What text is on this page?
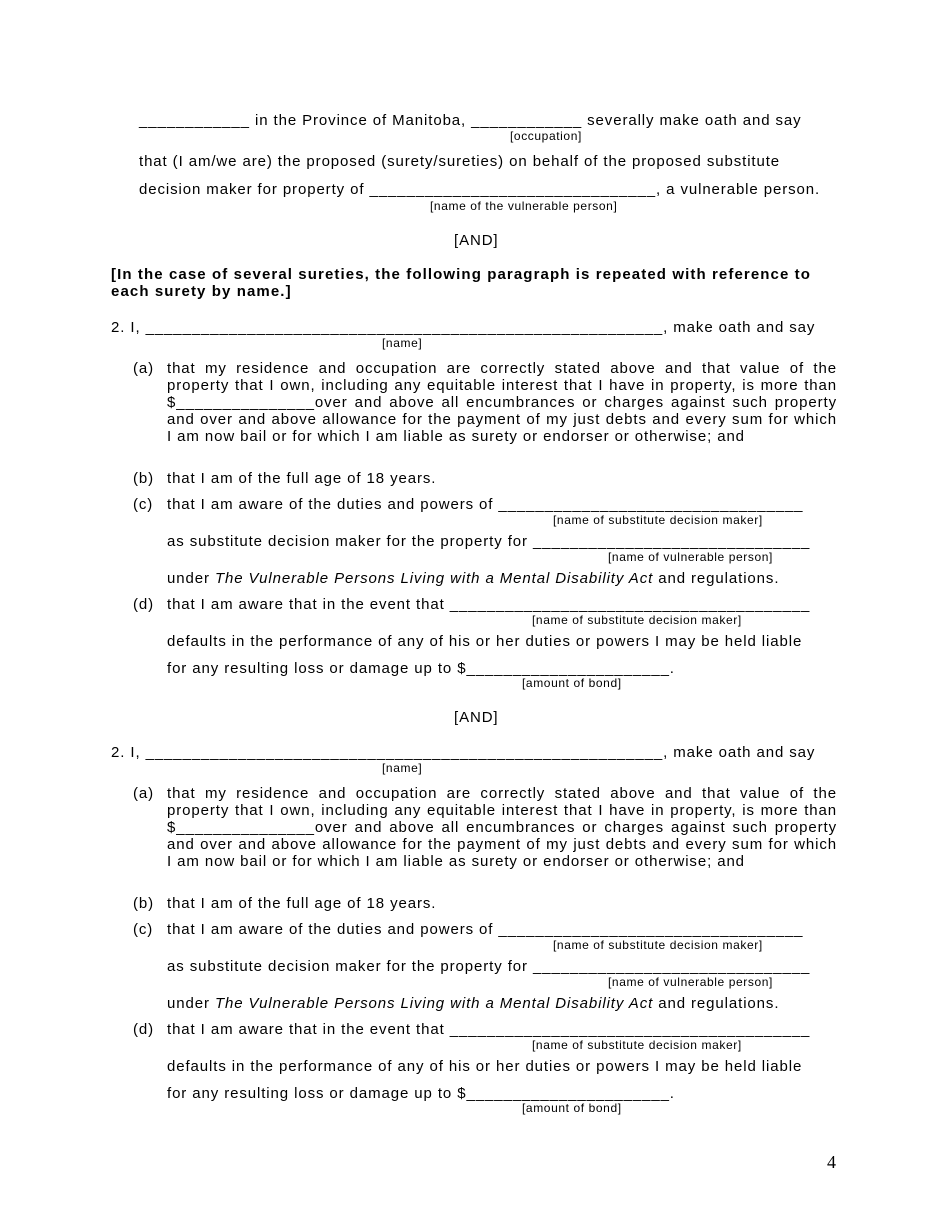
____________ in the Province of Manitoba, ____________ severally make oath and say
[occupation]
that (I am/we are) the proposed (surety/sureties) on behalf of the proposed substitute
decision maker for property of _______________________________, a vulnerable person.
[name of the vulnerable person]
[AND]
[In the case of several sureties, the following paragraph is repeated with reference to each surety by name.]
2. I, ________________________________________________________, make oath and say
[name]
(a) that my residence and occupation are correctly stated above and that value of the property that I own, including any equitable interest that I have in property, is more than $_______________over and above all encumbrances or charges against such property and over and above allowance for the payment of my just debts and every sum for which I am now bail or for which I am liable as surety or endorser or otherwise; and
(b) that I am of the full age of 18 years.
(c) that I am aware of the duties and powers of _________________________________
[name of substitute decision maker]
as substitute decision maker for the property for ______________________________
[name of vulnerable person]
under The Vulnerable Persons Living with a Mental Disability Act and regulations.
(d) that I am aware that in the event that _______________________________________
[name of substitute decision maker]
defaults in the performance of any of his or her duties or powers I may be held liable
for any resulting loss or damage up to $______________________.
[amount of bond]
[AND]
2. I, ________________________________________________________, make oath and say
[name]
(a) that my residence and occupation are correctly stated above and that value of the property that I own, including any equitable interest that I have in property, is more than $_______________over and above all encumbrances or charges against such property and over and above allowance for the payment of my just debts and every sum for which I am now bail or for which I am liable as surety or endorser or otherwise; and
(b) that I am of the full age of 18 years.
(c) that I am aware of the duties and powers of _________________________________
[name of substitute decision maker]
as substitute decision maker for the property for ______________________________
[name of vulnerable person]
under The Vulnerable Persons Living with a Mental Disability Act and regulations.
(d) that I am aware that in the event that _______________________________________
[name of substitute decision maker]
defaults in the performance of any of his or her duties or powers I may be held liable
for any resulting loss or damage up to $______________________.
[amount of bond]
4
